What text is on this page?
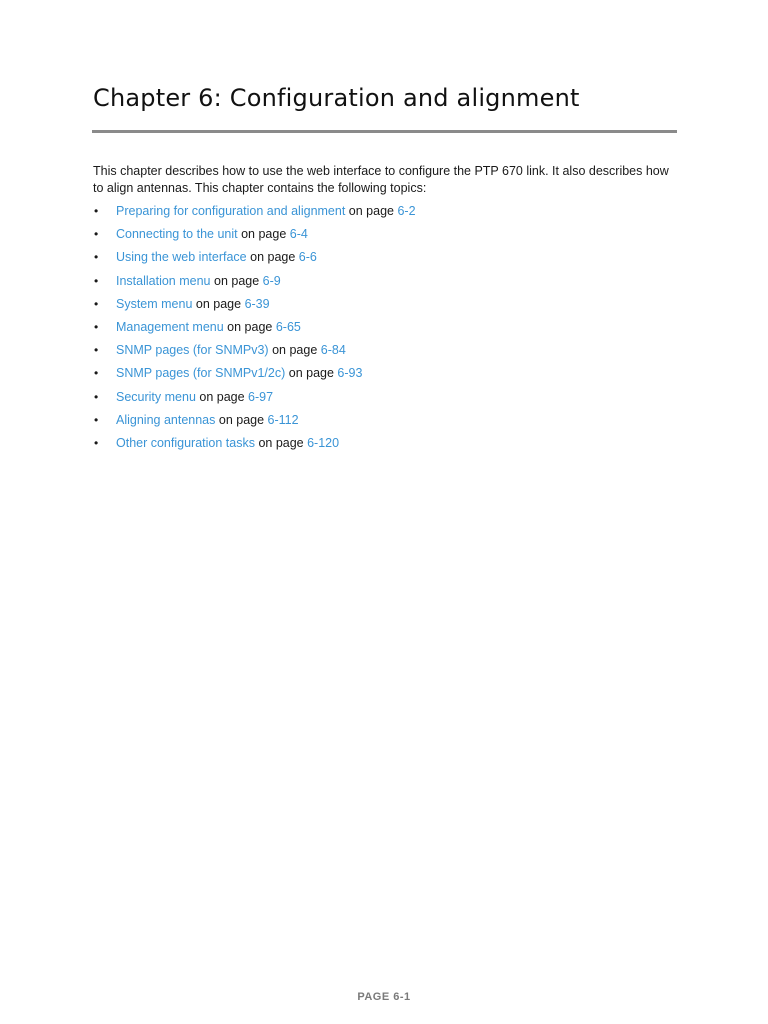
Chapter 6: Configuration and alignment

This chapter describes how to use the web interface to configure the PTP 670 link. It also describes how to align antennas. This chapter contains the following topics:

• Preparing for configuration and alignment on page 6-2
• Connecting to the unit on page 6-4
• Using the web interface on page 6-6
• Installation menu on page 6-9
• System menu on page 6-39
• Management menu on page 6-65
• SNMP pages (for SNMPv3) on page 6-84
• SNMP pages (for SNMPv1/2c) on page 6-93
• Security menu on page 6-97
• Aligning antennas on page 6-112
• Other configuration tasks on page 6-120
PAGE 6-1
